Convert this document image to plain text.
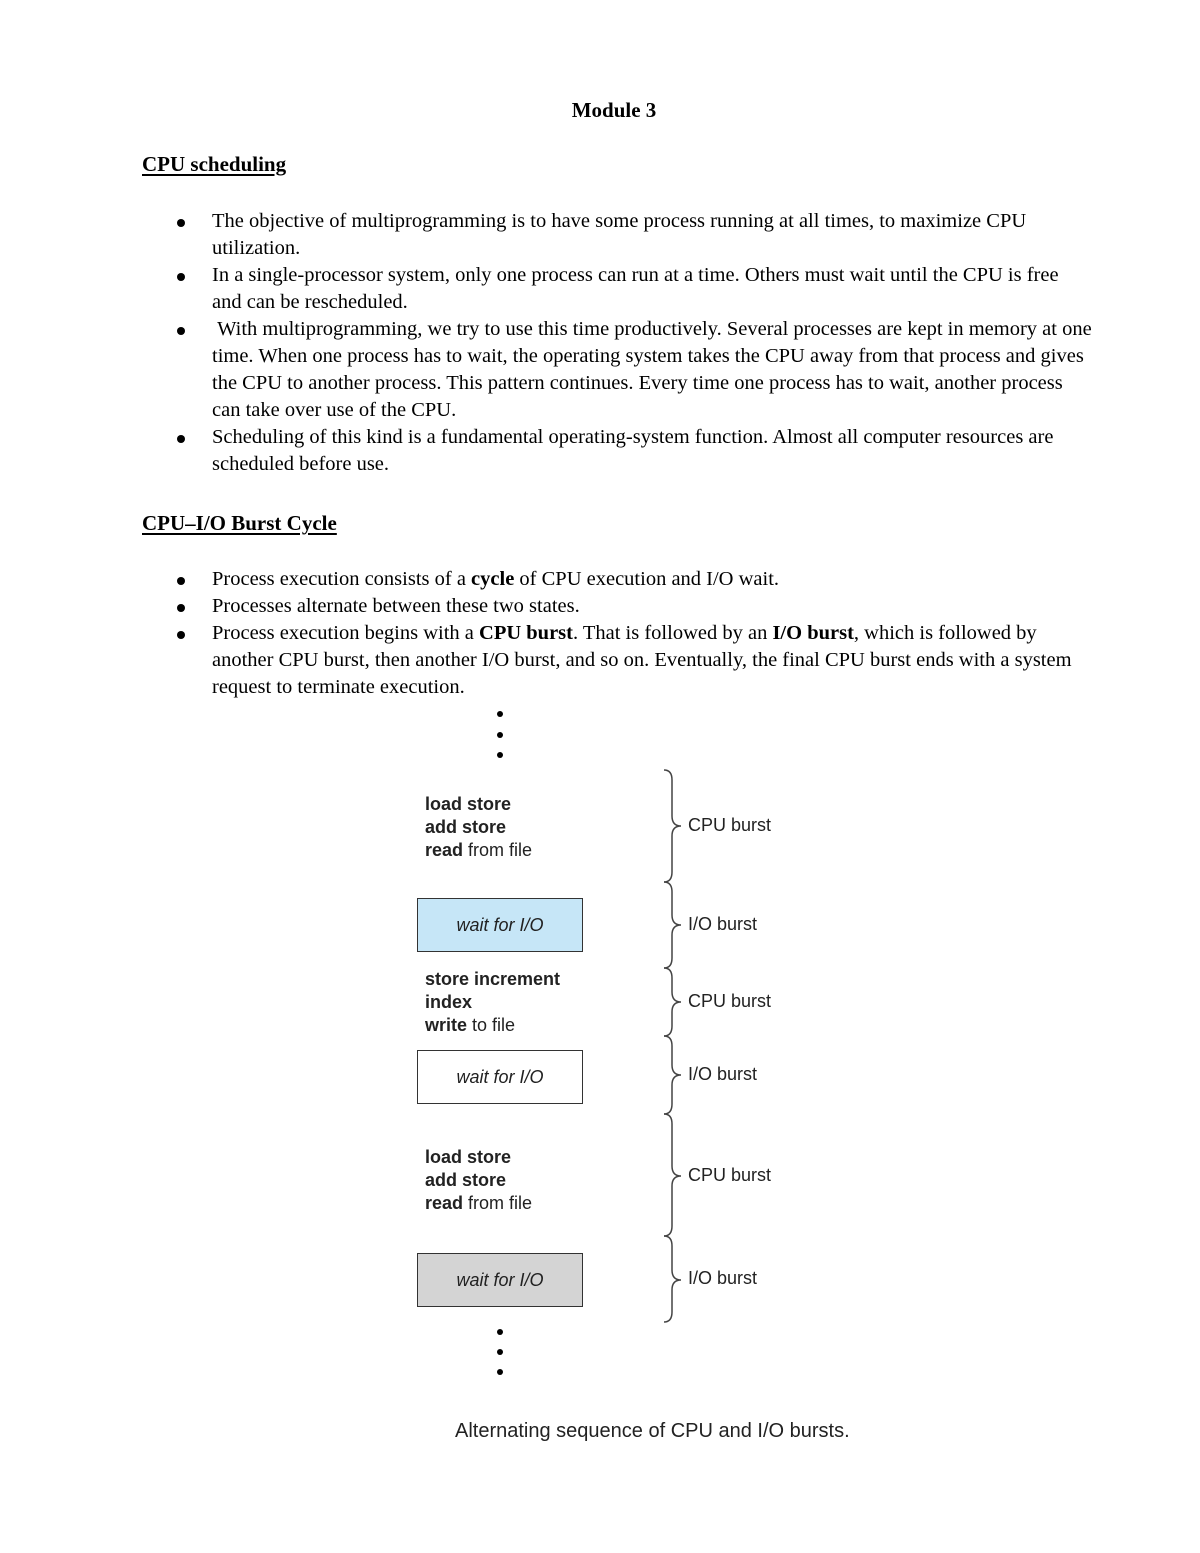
Module 3
CPU scheduling
The objective of multiprogramming is to have some process running at all times, to maximize CPU utilization.
In a single-processor system, only one process can run at a time. Others must wait until the CPU is free and can be rescheduled.
With multiprogramming, we try to use this time productively. Several processes are kept in memory at one time. When one process has to wait, the operating system takes the CPU away from that process and gives the CPU to another process. This pattern continues. Every time one process has to wait, another process can take over use of the CPU.
Scheduling of this kind is a fundamental operating-system function. Almost all computer resources are scheduled before use.
CPU–I/O Burst Cycle
Process execution consists of a cycle of CPU execution and I/O wait.
Processes alternate between these two states.
Process execution begins with a CPU burst. That is followed by an I/O burst, which is followed by another CPU burst, then another I/O burst, and so on. Eventually, the final CPU burst ends with a system request to terminate execution.
load store
add store
read from file
wait for I/O
store increment
index
write to file
wait for I/O
load store
add store
read from file
wait for I/O
CPU burst
I/O burst
CPU burst
I/O burst
CPU burst
I/O burst
Alternating sequence of CPU and I/O bursts.
